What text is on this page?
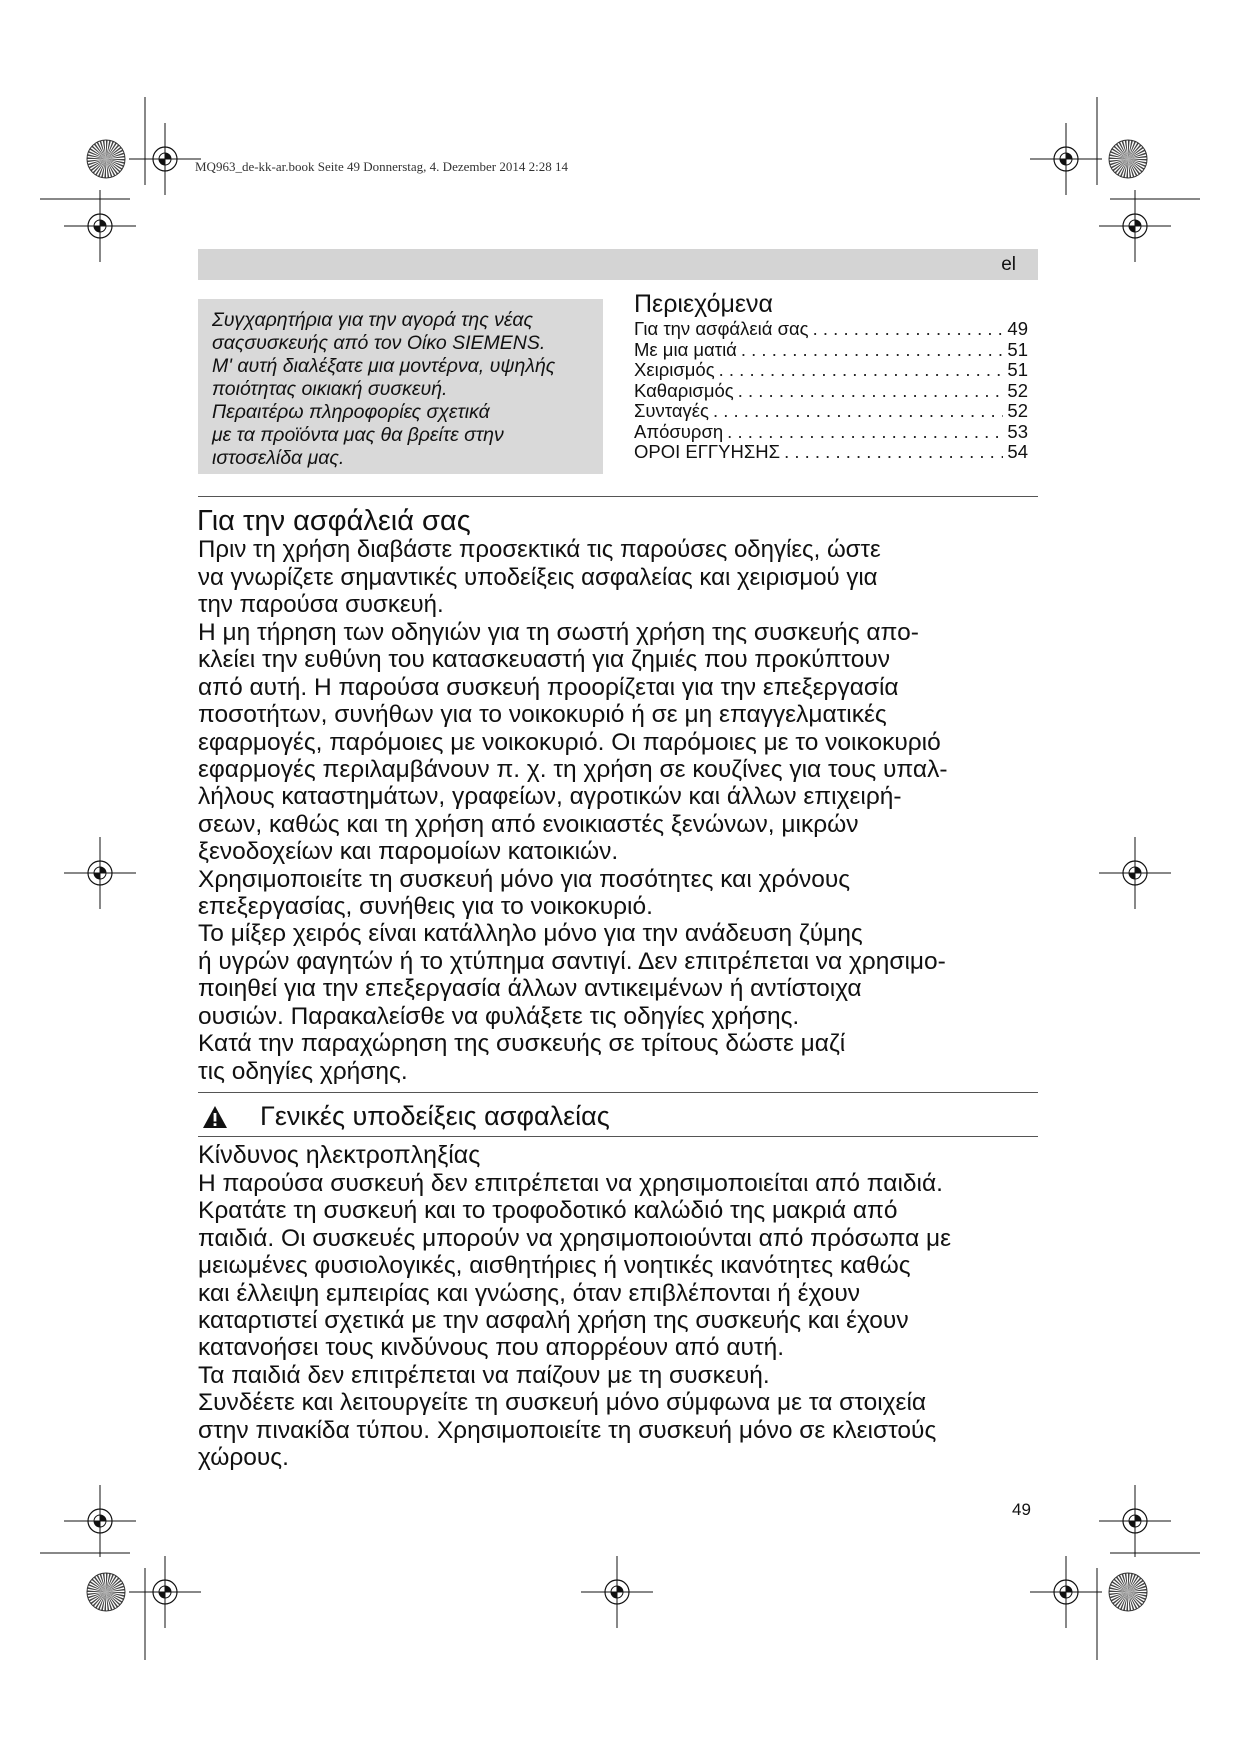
MQ963_de-kk-ar.book Seite 49 Donnerstag, 4. Dezember 2014 2:28 14
el

Συγχαρητήρια για την αγορά της νέας

σαςσυσκευής από τον Οίκο SIEMENS.

Μ' αυτή διαλέξατε μια μοντέρνα, υψηλής

ποιότητας οικιακή συσκευή.

Περαιτέρω πληροφορίες σχετικά

με τα προϊόντα μας θα βρείτε στην

ιστοσελίδα μας.

Περιεχόμενα
Για την ασφάλειά σας . . .	49
Με μια ματιά . . .	51
Χειρισμός . . .	51
Καθαρισμός . . .	52
Συνταγές . . .	52
Απόσυρση . . .	53
ΟΡΟΙ ΕΓΓΥΗΣΗΣ . . .	54
Για την ασφάλειά σας

Πριν τη χρήση διαβάστε προσεκτικά τις παρούσες οδηγίες, ώστε

να γνωρίζετε σημαντικές υποδείξεις ασφαλείας και χειρισμού για

την παρούσα συσκευή.

Η μη τήρηση των οδηγιών για τη σωστή χρήση της συσκευής απο-

κλείει την ευθύνη του κατασκευαστή για ζημιές που προκύπτουν

από αυτή. Η παρούσα συσκευή προορίζεται για την επεξεργασία

ποσοτήτων, συνήθων για το νοικοκυριό ή σε μη επαγγελματικές

εφαρμογές, παρόμοιες με νοικοκυριό. Οι παρόμοιες με το νοικοκυριό

εφαρμογές περιλαμβάνουν π. χ. τη χρήση σε κουζίνες για τους υπαλ-

λήλους καταστημάτων, γραφείων, αγροτικών και άλλων επιχειρή-

σεων, καθώς και τη χρήση από ενοικιαστές ξενώνων, μικρών

ξενοδοχείων και παρομοίων κατοικιών.

Χρησιμοποιείτε τη συσκευή μόνο για ποσότητες και χρόνους

επεξεργασίας, συνήθεις για το νοικοκυριό.

Το μίξερ χειρός είναι κατάλληλο μόνο για την ανάδευση ζύμης

ή υγρών φαγητών ή το χτύπημα σαντιγί. Δεν επιτρέπεται να χρησιμο-

ποιηθεί για την επεξεργασία άλλων αντικειμένων ή αντίστοιχα

ουσιών. Παρακαλείσθε να φυλάξετε τις οδηγίες χρήσης.

Κατά την παραχώρηση της συσκευής σε τρίτους δώστε μαζί

τις οδηγίες χρήσης.

Γενικές υποδείξεις ασφαλείας
Κίνδυνος ηλεκτροπληξίας

Η παρούσα συσκευή δεν επιτρέπεται να χρησιμοποιείται από παιδιά.

Κρατάτε τη συσκευή και το τροφοδοτικό καλώδιό της μακριά από

παιδιά. Οι συσκευές μπορούν να χρησιμοποιούνται από πρόσωπα με

μειωμένες φυσιολογικές, αισθητήριες ή νοητικές ικανότητες καθώς

και έλλειψη εμπειρίας και γνώσης, όταν επιβλέπονται ή έχουν

καταρτιστεί σχετικά με την ασφαλή χρήση της συσκευής και έχουν

κατανοήσει τους κινδύνους που απορρέουν από αυτή.

Τα παιδιά δεν επιτρέπεται να παίζουν με τη συσκευή.

Συνδέετε και λειτουργείτε τη συσκευή μόνο σύμφωνα με τα στοιχεία

στην πινακίδα τύπου. Χρησιμοποιείτε τη συσκευή μόνο σε κλειστούς

χώρους.

49
